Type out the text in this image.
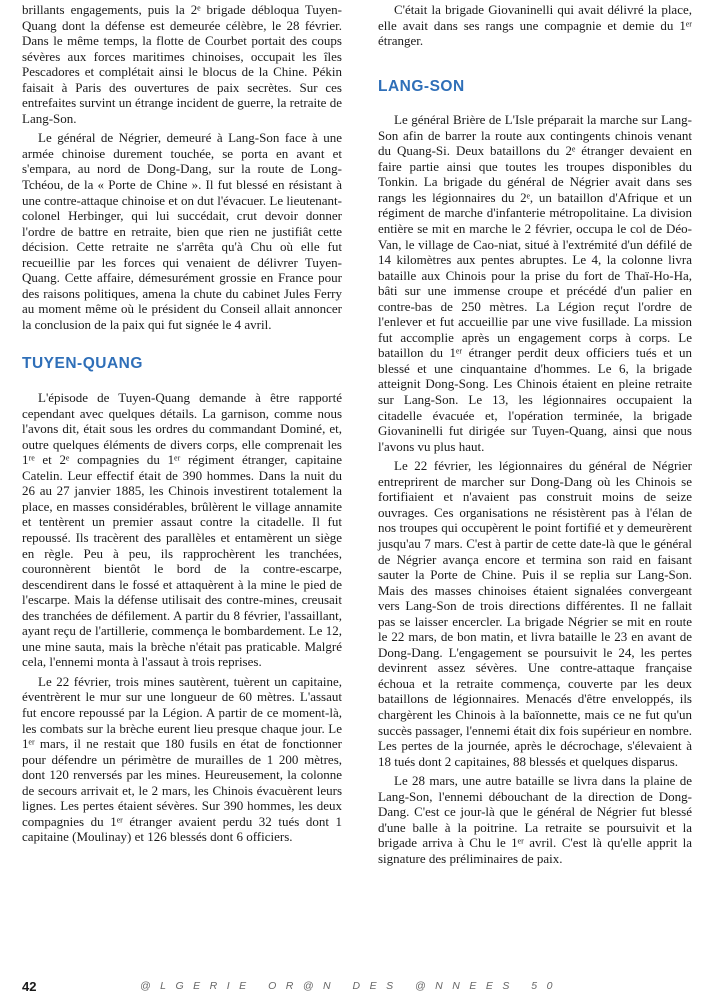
brillants engagements, puis la 2ᵉ brigade débloqua Tuyen-Quang dont la défense est demeurée célèbre, le 28 février. Dans le même temps, la flotte de Courbet portait des coups sévères aux forces maritimes chinoises, occupait les îles Pescadores et complétait ainsi le blocus de la Chine. Pékin faisait à Paris des ouvertures de paix secrètes. Sur ces entrefaites survint un étrange incident de guerre, la retraite de Lang-Son.

Le général de Négrier, demeuré à Lang-Son face à une armée chinoise durement touchée, se porta en avant et s'empara, au nord de Dong-Dang, sur la route de Long-Tchéou, de la « Porte de Chine ». Il fut blessé en résistant à une contre-attaque chinoise et on dut l'évacuer. Le lieutenant-colonel Herbinger, qui lui succédait, crut devoir donner l'ordre de battre en retraite, bien que rien ne justifiât cette décision. Cette retraite ne s'arrêta qu'à Chu où elle fut recueillie par les forces qui venaient de délivrer Tuyen-Quang. Cette affaire, démesurément grossie en France pour des raisons politiques, amena la chute du cabinet Jules Ferry au moment même où le président du Conseil allait annoncer la conclusion de la paix qui fut signée le 4 avril.

TUYEN-QUANG

L'épisode de Tuyen-Quang demande à être rapporté cependant avec quelques détails. La garnison, comme nous l'avons dit, était sous les ordres du commandant Dominé, et, outre quelques éléments de divers corps, elle comprenait les 1ʳᵉ et 2ᵉ compagnies du 1ᵉʳ régiment étranger, capitaine Catelin. Leur effectif était de 390 hommes. Dans la nuit du 26 au 27 janvier 1885, les Chinois investirent totalement la place, en masses considérables, brûlèrent le village annamite et tentèrent un premier assaut contre la citadelle. Il fut repoussé. Ils tracèrent des parallèles et entamèrent un siège en règle. Peu à peu, ils rapprochèrent les tranchées, couronnèrent bientôt le bord de la contre-escarpe, descendirent dans le fossé et attaquèrent à la mine le pied de l'escarpe. Mais la défense utilisait des contre-mines, creusait des tranchées de défilement. A partir du 8 février, l'assaillant, ayant reçu de l'artillerie, commença le bombardement. Le 12, une mine sauta, mais la brèche n'était pas praticable. Malgré cela, l'ennemi monta à l'assaut à trois reprises.

Le 22 février, trois mines sautèrent, tuèrent un capitaine, éventrèrent le mur sur une longueur de 60 mètres. L'assaut fut encore repoussé par la Légion. A partir de ce moment-là, les combats sur la brèche eurent lieu presque chaque jour. Le 1ᵉʳ mars, il ne restait que 180 fusils en état de fonctionner pour défendre un périmètre de murailles de 1 200 mètres, dont 120 renversés par les mines. Heureusement, la colonne de secours arrivait et, le 2 mars, les Chinois évacuèrent leurs lignes. Les pertes étaient sévères. Sur 390 hommes, les deux compagnies du 1ᵉʳ étranger avaient perdu 32 tués dont 1 capitaine (Moulinay) et 126 blessés dont 6 officiers.

C'était la brigade Giovaninelli qui avait délivré la place, elle avait dans ses rangs une compagnie et demie du 1ᵉʳ étranger.

LANG-SON

Le général Brière de L'Isle préparait la marche sur Lang-Son afin de barrer la route aux contingents chinois venant du Quang-Si. Deux bataillons du 2ᵉ étranger devaient en faire partie ainsi que toutes les troupes disponibles du Tonkin. La brigade du général de Négrier avait dans ses rangs les légionnaires du 2ᵉ, un bataillon d'Afrique et un régiment de marche d'infanterie métropolitaine. La division entière se mit en marche le 2 février, occupa le col de Déo-Van, le village de Cao-niat, situé à l'extrémité d'un défilé de 14 kilomètres aux pentes abruptes. Le 4, la colonne livra bataille aux Chinois pour la prise du fort de Thaï-Ho-Ha, bâti sur une immense croupe et précédé d'un palier en contre-bas de 250 mètres. La Légion reçut l'ordre de l'enlever et fut accueillie par une vive fusillade. La mission fut accomplie après un engagement corps à corps. Le bataillon du 1ᵉʳ étranger perdit deux officiers tués et un blessé et une cinquantaine d'hommes. Le 6, la brigade atteignit Dong-Song. Les Chinois étaient en pleine retraite sur Lang-Son. Le 13, les légionnaires occupaient la citadelle évacuée et, l'opération terminée, la brigade Giovaninelli fut dirigée sur Tuyen-Quang, ainsi que nous l'avons vu plus haut.

Le 22 février, les légionnaires du général de Négrier entreprirent de marcher sur Dong-Dang où les Chinois se fortifiaient et n'avaient pas construit moins de seize ouvrages. Ces organisations ne résistèrent pas à l'élan de nos troupes qui occupèrent le point fortifié et y demeurèrent jusqu'au 7 mars. C'est à partir de cette date-là que le général de Négrier avança encore et termina son raid en faisant sauter la Porte de Chine. Puis il se replia sur Lang-Son. Mais des masses chinoises étaient signalées convergeant vers Lang-Son de trois directions différentes. Il ne fallait pas se laisser encercler. La brigade Négrier se mit en route le 22 mars, de bon matin, et livra bataille le 23 en avant de Dong-Dang. L'engagement se poursuivit le 24, les pertes devinrent assez sévères. Une contre-attaque française échoua et la retraite commença, couverte par les deux bataillons de légionnaires. Menacés d'être enveloppés, ils chargèrent les Chinois à la baïonnette, mais ce ne fut qu'un succès passager, l'ennemi était dix fois supérieur en nombre. Les pertes de la journée, après le décrochage, s'élevaient à 18 tués dont 2 capitaines, 88 blessés et quelques disparus.

Le 28 mars, une autre bataille se livra dans la plaine de Lang-Son, l'ennemi débouchant de la direction de Dong-Dang. C'est ce jour-là que le général de Négrier fut blessé d'une balle à la poitrine. La retraite se poursuivit et la brigade arriva à Chu le 1ᵉʳ avril. C'est là qu'elle apprit la signature des préliminaires de paix.

42	@LGERIE OR@N DES @NNEES 50
